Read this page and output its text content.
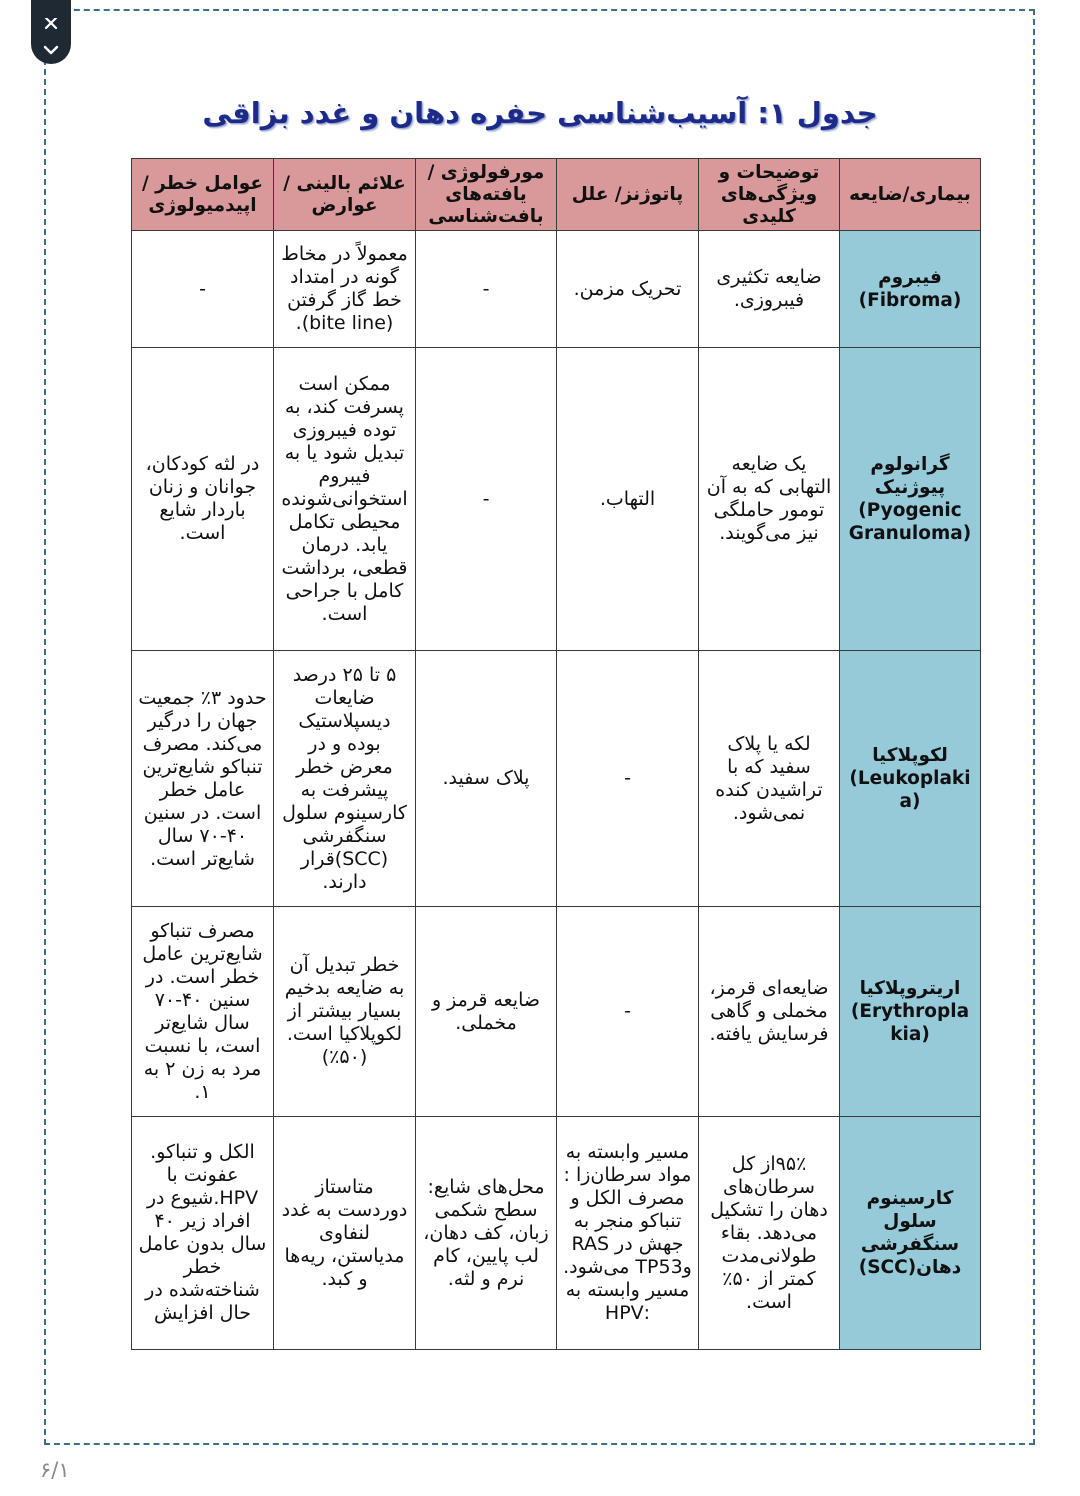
جدول ۱: آسیب‌شناسی حفره دهان و غدد بزاقی
بیماری/ضایعه	توضیحات و ویژگی‌های کلیدی	پاتوژنز/ علل	مورفولوژی / یافته‌های بافت‌شناسی	علائم بالینی / عوارض	عوامل خطر / اپیدمیولوژی
فیبروم
(Fibroma)	ضایعه تکثیری فیبروزی.	تحریک مزمن.	-	معمولاً در مخاط گونه در امتداد خط گاز گرفتن (bite line).	-
گرانولوم پیوژنیک
(Pyogenic Granuloma)	یک ضایعه التهابی که به آن تومور حاملگی نیز می‌گویند.	التهاب.	-	ممکن است پسرفت کند، به توده فیبروزی تبدیل شود یا به فیبروم استخوانی‌شونده محیطی تکامل یابد. درمان قطعی، برداشت کامل با جراحی است.	در لثه کودکان، جوانان و زنان باردار شایع است.
لکوپلاکیا
(Leukoplakia)	لکه یا پلاک سفید که با تراشیدن کنده نمی‌شود.	-	پلاک سفید.	۵ تا ۲۵ درصد ضایعات دیسپلاستیک بوده و در معرض خطر پیشرفت به کارسینوم سلول سنگفرشی (SCC)قرار دارند.	حدود ۳٪ جمعیت جهان را درگیر می‌کند. مصرف تنباکو شایع‌ترین عامل خطر است. در سنین ۴۰-۷۰ سال شایع‌تر است.
اریتروپلاکیا
(Erythroplakia)	ضایعه‌ای قرمز، مخملی و گاهی فرسایش یافته.	-	ضایعه قرمز و مخملی.	خطر تبدیل آن به ضایعه بدخیم بسیار بیشتر از لکوپلاکیا است.(۵۰٪)	مصرف تنباکو شایع‌ترین عامل خطر است. در سنین ۴۰-۷۰ سال شایع‌تر است، با نسبت مرد به زن ۲ به ۱.
کارسینوم سلول سنگفرشی دهان(SCC)	۹۵٪از کل سرطان‌های دهان را تشکیل می‌دهد. بقاء طولانی‌مدت کمتر از ۵۰٪ است.	مسیر وابسته به مواد سرطان‌زا : مصرف الکل و تنباکو منجر به جهش در RAS وTP53 می‌شود. مسیر وابسته به :HPV	محل‌های شایع: سطح شکمی زبان، کف دهان، لب پایین، کام نرم و لثه.	متاستاز دوردست به غدد لنفاوی مدیاستن، ریه‌ها و کبد.	الکل و تنباکو. عفونت با HPV.شیوع در افراد زیر ۴۰ سال بدون عامل خطر شناخته‌شده در حال افزایش
۶/۱
